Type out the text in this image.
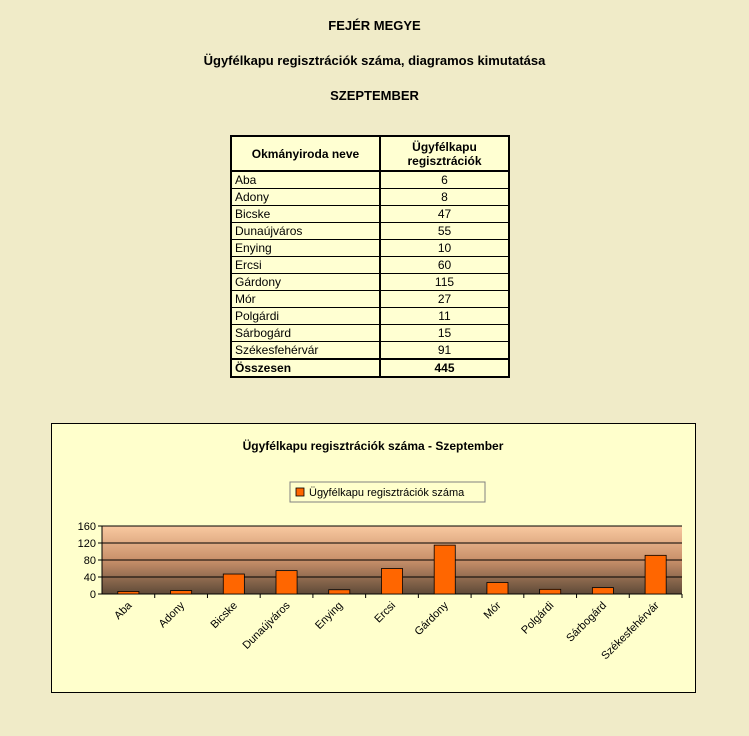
FEJÉR MEGYE
Ügyfélkapu regisztrációk száma, diagramos kimutatása
SZEPTEMBER
Okmányiroda neve	Ügyfélkapu
regisztrációk
Aba	6
Adony	8
Bicske	47
Dunaújváros	55
Enying	10
Ercsi	60
Gárdony	115
Mór	27
Polgárdi	11
Sárbogárd	15
Székesfehérvár	91
Összesen	445
Ügyfélkapu regisztrációk száma - Szeptember
Ügyfélkapu regisztrációk száma
0
40
80
120
160
Aba Adony Bicske Dunaújváros Enying Ercsi Gárdony	Mór Polgárdi Sárbogárd
Székesfehérvár
